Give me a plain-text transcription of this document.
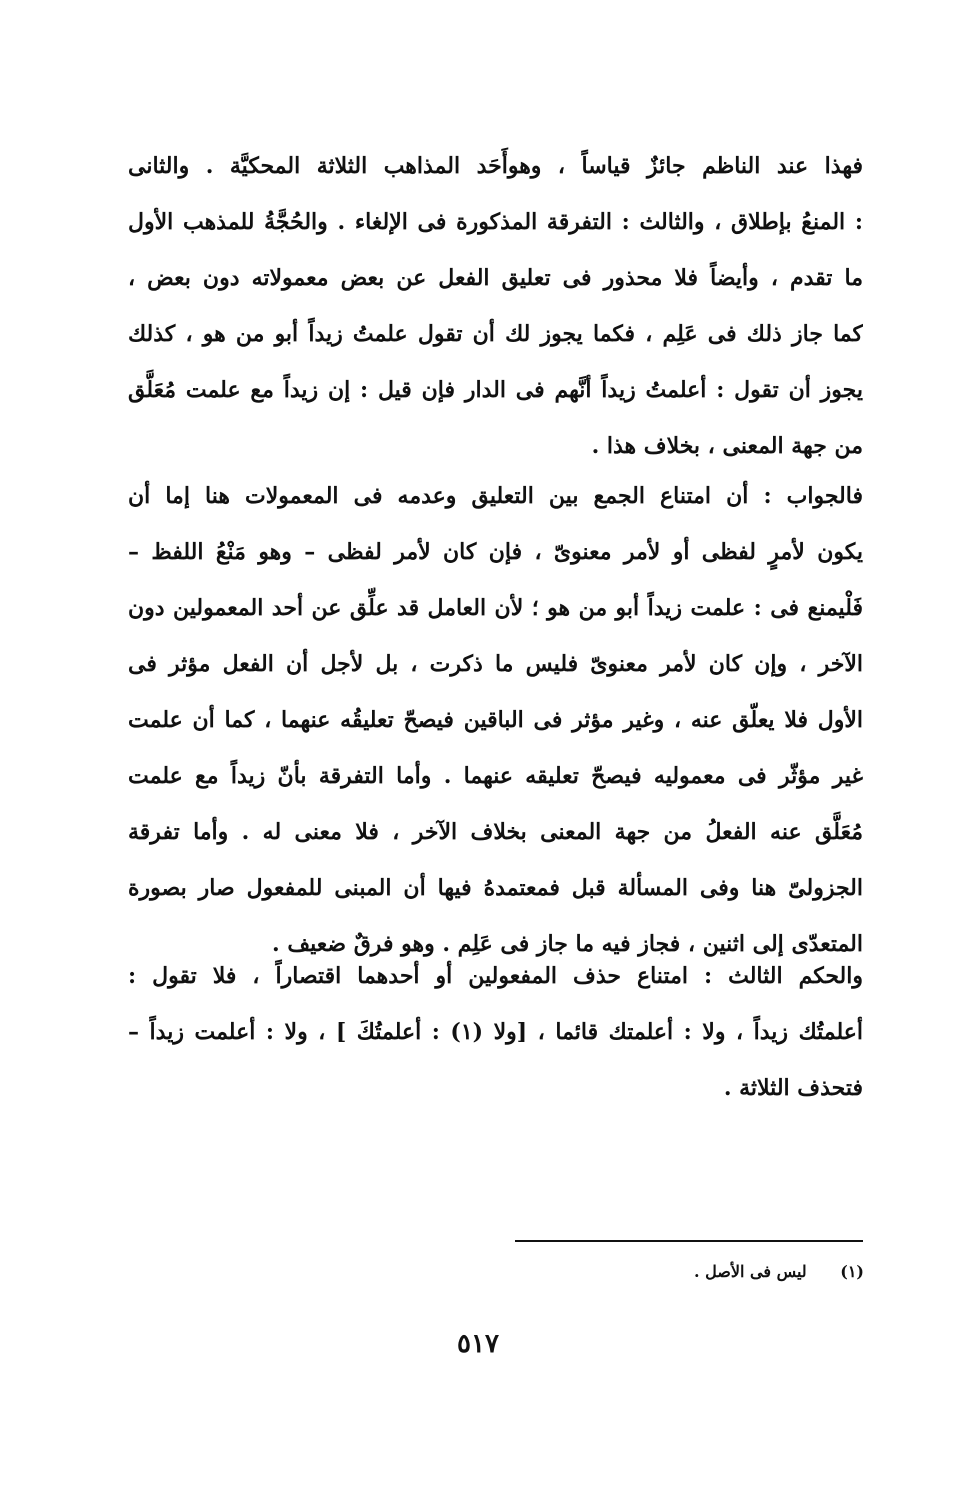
فهذا عند الناظم جائزٌ قياساً ، وهوأَحَد المذاهب الثلاثة المحكيَّة . والثانى
: المنعُ بإطلاق ، والثالث : التفرقة المذكورة فى الإلغاء . والحُجَّةُ للمذهب الأول
ما تقدم ، وأيضاً فلا محذور فى تعليق الفعل عن بعض معمولاته دون بعض ،
كما جاز ذلك فى عَلِم ، فكما يجوز لك أن تقول علمتُ زيداً أبو من هو ، كذلك
يجوز أن تقول : أعلمتُ زيداً أنَّهم فى الدار فإن قيل : إن زيداً مع علمت مُعَلَّق
من جهة المعنى ، بخلاف هذا .
فالجواب : أن امتناع الجمع بين التعليق وعدمه فى المعمولات هنا إما أن
يكون لأمرٍ لفظى أو لأمر معنوىّ ، فإن كان لأمر لفظى – وهو مَنْعُ اللفظ –
فَلْيمنع فى : علمت زيداً أبو من هو ؛ لأن العامل قد علِّق عن أحد المعمولين دون
الآخر ، وإن كان لأمر معنوىّ فليس ما ذكرت ، بل لأجل أن الفعل مؤثر فى
الأول فلا يعلّق عنه ، وغير مؤثر فى الباقين فيصحّ تعليقُه عنهما ، كما أن علمت
غير مؤثّر فى معموليه فيصحّ تعليقه عنهما . وأما التفرقة بأنّ زيداً مع علمت
مُعَلَّق عنه الفعلُ من جهة المعنى بخلاف الآخر ، فلا معنى له . وأما تفرقة
الجزولىّ هنا وفى المسألة قبل فمعتمدهُ فيها أن المبنى للمفعول صار بصورة
المتعدّى إلى اثنين ، فجاز فيه ما جاز فى عَلِم . وهو فرقٌ ضعيف .
والحكم الثالث : امتناع حذف المفعولين أو أحدهما اقتصاراً ، فلا تقول :
أعلمتُك زيداً ، ولا : أعلمتك قائما ، [ولا (١) : أعلمتُكَ ] ، ولا : أعلمت زيداً –
فتحذف الثلاثة .
(١) ليس فى الأصل .
٥١٧
